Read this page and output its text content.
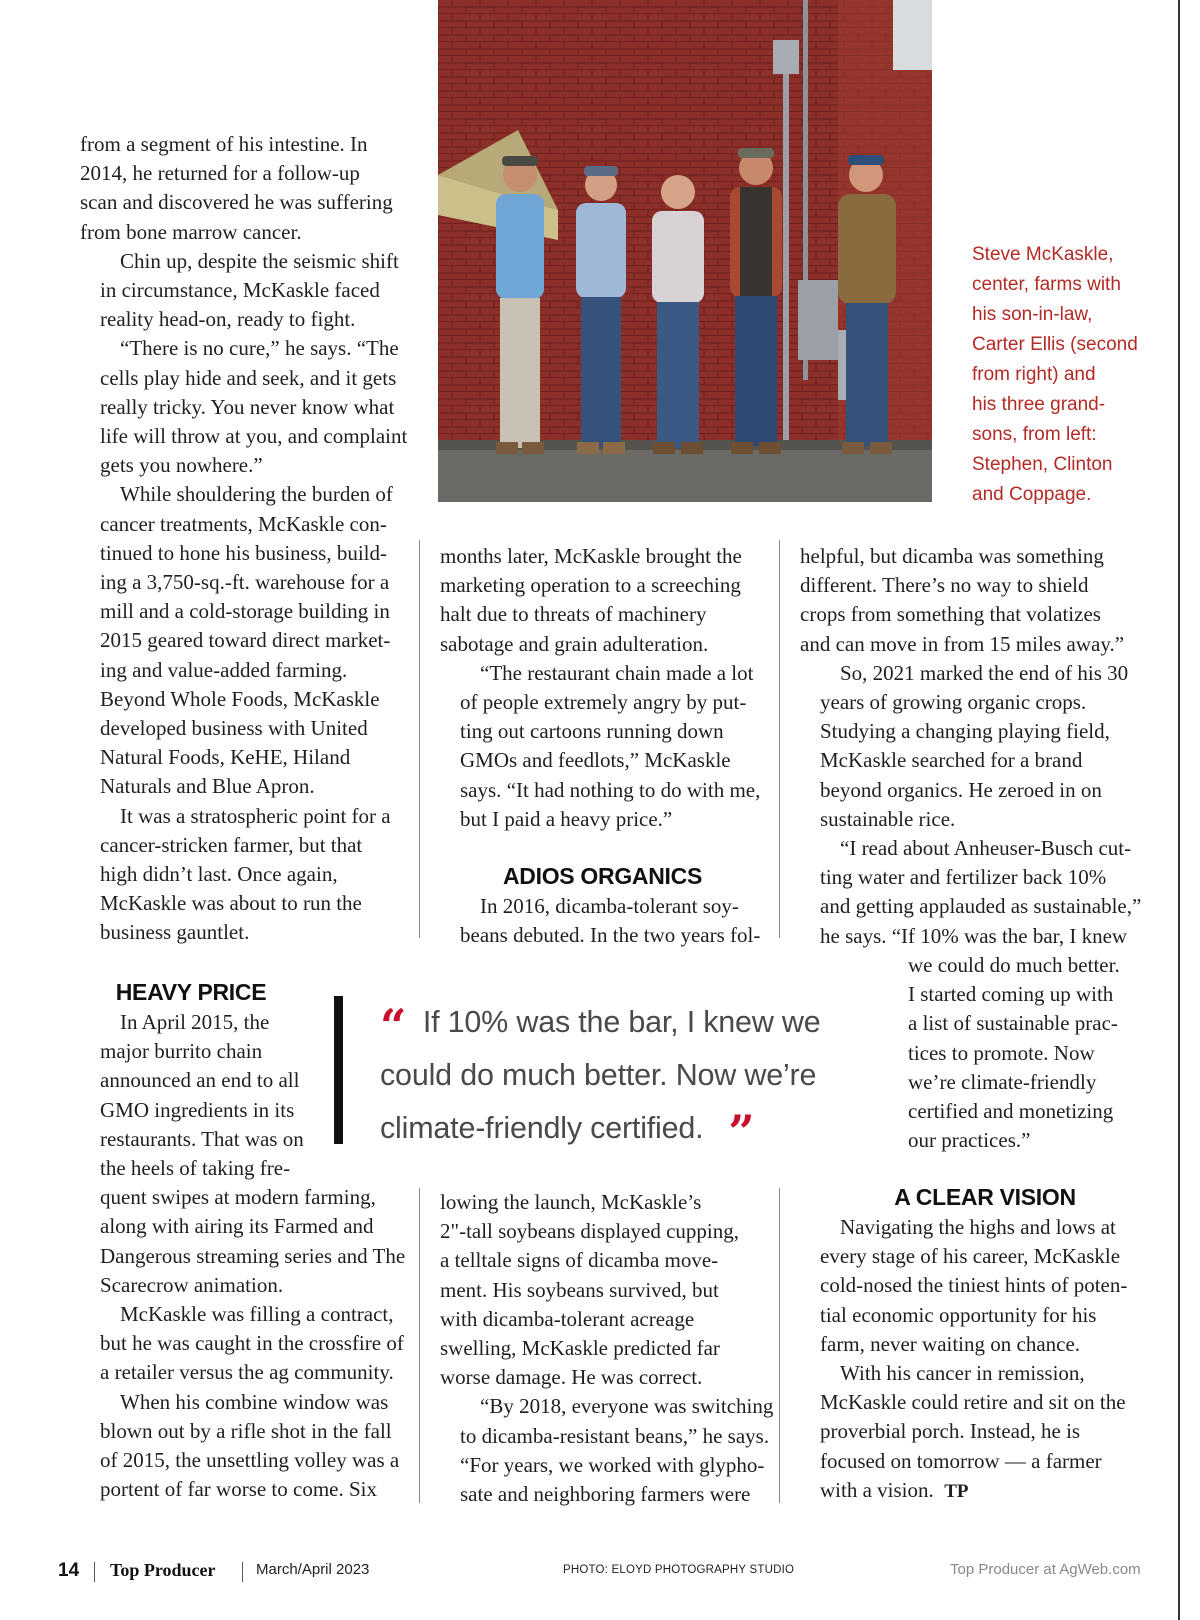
Steve McKaskle,
center, farms with
his son-in-law,
Carter Ellis (second
from right) and
his three grand-
sons, from left:
Stephen, Clinton
and Coppage.

from a segment of his intestine. In
2014, he returned for a follow-up
scan and discovered he was suffering
from bone marrow cancer.

Chin up, despite the seismic shift
in circumstance, McKaskle faced
reality head-on, ready to fight.

“There is no cure,” he says. “The
cells play hide and seek, and it gets
really tricky. You never know what
life will throw at you, and complaint
gets you nowhere.”

While shouldering the burden of
cancer treatments, McKaskle con-
tinued to hone his business, build-
ing a 3,750-sq.-ft. warehouse for a
mill and a cold-storage building in
2015 geared toward direct market-
ing and value-added farming.
Beyond Whole Foods, McKaskle
developed business with United
Natural Foods, KeHE, Hiland
Naturals and Blue Apron.

It was a stratospheric point for a
cancer-stricken farmer, but that
high didn’t last. Once again,
McKaskle was about to run the
business gauntlet.

HEAVY PRICE

In April 2015, the
major burrito chain
announced an end to all
GMO ingredients in its
restaurants. That was on
the heels of taking fre-
quent swipes at modern farming,
along with airing its Farmed and
Dangerous streaming series and The
Scarecrow animation.

McKaskle was filling a contract,
but he was caught in the crossfire of
a retailer versus the ag community.

When his combine window was
blown out by a rifle shot in the fall
of 2015, the unsettling volley was a
portent of far worse to come. Six

months later, McKaskle brought the
marketing operation to a screeching
halt due to threats of machinery
sabotage and grain adulteration.

“The restaurant chain made a lot
of people extremely angry by put-
ting out cartoons running down
GMOs and feedlots,” McKaskle
says. “It had nothing to do with me,
but I paid a heavy price.”

ADIOS ORGANICS

In 2016, dicamba-tolerant soy-
beans debuted. In the two years fol-

lowing the launch, McKaskle’s
2"-tall soybeans displayed cupping,
a telltale signs of dicamba move-
ment. His soybeans survived, but
with dicamba-tolerant acreage
swelling, McKaskle predicted far
worse damage. He was correct.

“By 2018, everyone was switching
to dicamba-resistant beans,” he says.
“For years, we worked with glypho-
sate and neighboring farmers were

helpful, but dicamba was something
different. There’s no way to shield
crops from something that volatizes
and can move in from 15 miles away.”

So, 2021 marked the end of his 30
years of growing organic crops.
Studying a changing playing field,
McKaskle searched for a brand
beyond organics. He zeroed in on
sustainable rice.

“I read about Anheuser-Busch cut-
ting water and fertilizer back 10%
and getting applauded as sustainable,”
he says. “If 10% was the bar, I knew

we could do much better.
I started coming up with
a list of sustainable prac-
tices to promote. Now
we’re climate-friendly
certified and monetizing
our practices.”

A CLEAR VISION

Navigating the highs and lows at
every stage of his career, McKaskle
cold-nosed the tiniest hints of poten-
tial economic opportunity for his
farm, never waiting on chance.

With his cancer in remission,
McKaskle could retire and sit on the
proverbial porch. Instead, he is
focused on tomorrow — a farmer
with a vision. TP

“ If 10% was the bar, I knew we
could do much better. Now we’re
climate-friendly certified. ”
14 Top Producer	March/April 2023	PHOTO: ELOYD PHOTOGRAPHY STUDIO	Top Producer at AgWeb.com
